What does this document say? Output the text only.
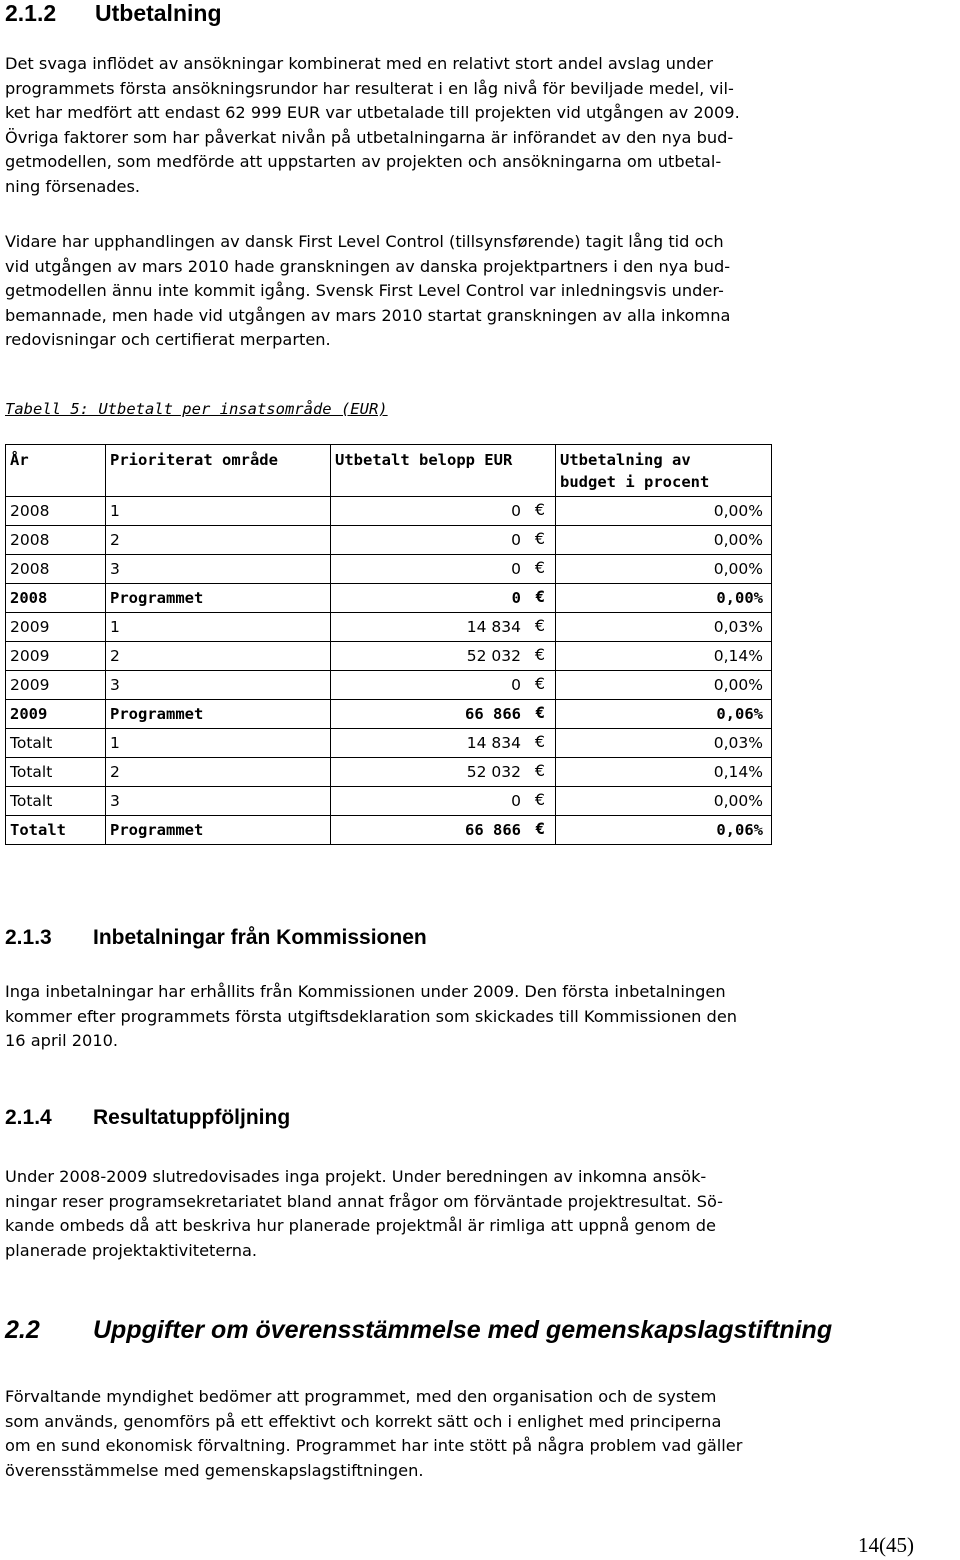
2.1.2 Utbetalning
Det svaga inflödet av ansökningar kombinerat med en relativt stort andel avslag under
programmets första ansökningsrundor har resulterat i en låg nivå för beviljade medel, vil-
ket har medfört att endast 62 999 EUR var utbetalade till projekten vid utgången av 2009.
Övriga faktorer som har påverkat nivån på utbetalningarna är införandet av den nya bud-
getmodellen, som medförde att uppstarten av projekten och ansökningarna om utbetal-
ning försenades.
Vidare har upphandlingen av dansk First Level Control (tillsynsførende) tagit lång tid och
vid utgången av mars 2010 hade granskningen av danska projektpartners i den nya bud-
getmodellen ännu inte kommit igång. Svensk First Level Control var inledningsvis under-
bemannade, men hade vid utgången av mars 2010 startat granskningen av alla inkomna
redovisningar och certifierat merparten.
Tabell 5: Utbetalt per insatsområde (EUR)
År	Prioriterat område	Utbetalt belopp EUR	Utbetalning av budget i procent

2008	1	0 €	0,00%
2008	2	0 €	0,00%
2008	3	0 €	0,00%
2008	Programmet	0 €	0,00%
2009	1	14 834 €	0,03%
2009	2	52 032 €	0,14%
2009	3	0 €	0,00%
2009	Programmet	66 866 €	0,06%
Totalt	1	14 834 €	0,03%
Totalt	2	52 032 €	0,14%
Totalt	3	0 €	0,00%
Totalt	Programmet	66 866 €	0,06%
2.1.3 Inbetalningar från Kommissionen
Inga inbetalningar har erhållits från Kommissionen under 2009. Den första inbetalningen
kommer efter programmets första utgiftsdeklaration som skickades till Kommissionen den
16 april 2010.
2.1.4 Resultatuppföljning
Under 2008-2009 slutredovisades inga projekt. Under beredningen av inkomna ansök-
ningar reser programsekretariatet bland annat frågor om förväntade projektresultat. Sö-
kande ombeds då att beskriva hur planerade projektmål är rimliga att uppnå genom de
planerade projektaktiviteterna.
2.2 Uppgifter om överensstämmelse med gemenskapslagstiftning
Förvaltande myndighet bedömer att programmet, med den organisation och de system
som används, genomförs på ett effektivt och korrekt sätt och i enlighet med principerna
om en sund ekonomisk förvaltning. Programmet har inte stött på några problem vad gäller
överensstämmelse med gemenskapslagstiftningen.
14(45)
